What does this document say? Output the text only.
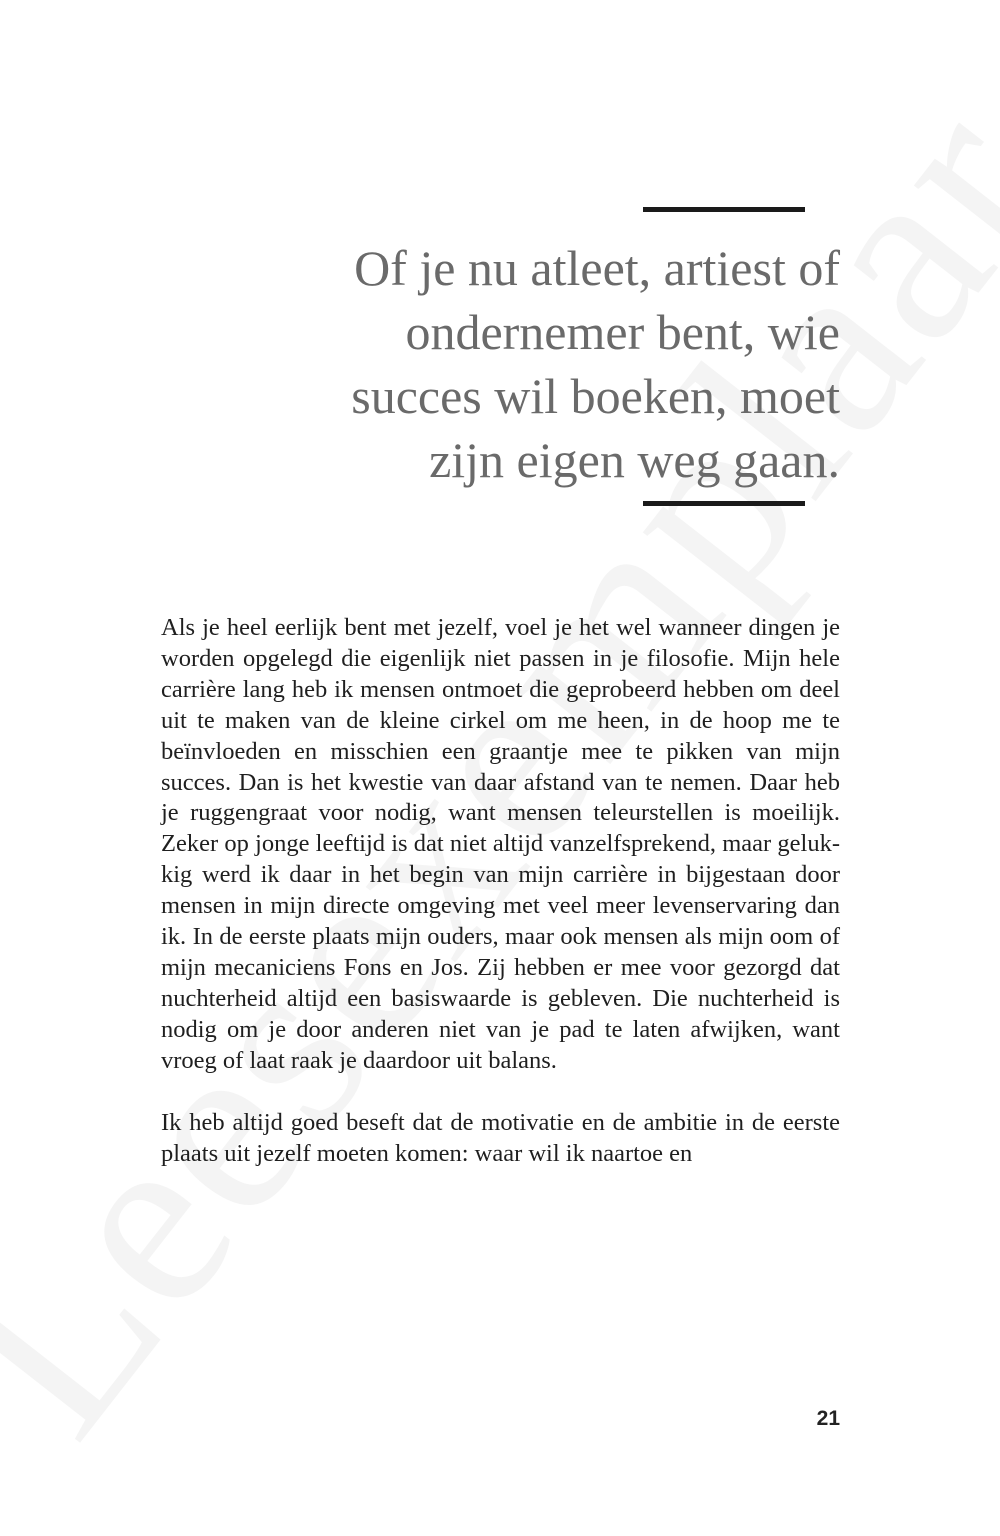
Of je nu atleet, artiest of ondernemer bent, wie succes wil boeken, moet zijn eigen weg gaan.

Als je heel eerlijk bent met jezelf, voel je het wel wanneer dingen je worden opgelegd die eigenlijk niet passen in je filosofie. Mijn hele carrière lang heb ik mensen ontmoet die geprobeerd hebben om deel uit te maken van de kleine cirkel om me heen, in de hoop me te beïnvloeden en misschien een graantje mee te pikken van mijn succes. Dan is het kwestie van daar afstand van te nemen. Daar heb je ruggengraat voor nodig, want mensen teleurstellen is moeilijk. Zeker op jonge leeftijd is dat niet altijd vanzelfsprekend, maar gelukkig werd ik daar in het begin van mijn carrière in bijgestaan door mensen in mijn directe omgeving met veel meer levenservaring dan ik. In de eerste plaats mijn ouders, maar ook mensen als mijn oom of mijn mecaniciens Fons en Jos. Zij hebben er mee voor gezorgd dat nuchterheid altijd een basiswaarde is gebleven. Die nuchterheid is nodig om je door anderen niet van je pad te laten afwijken, want vroeg of laat raak je daardoor uit balans.

Ik heb altijd goed beseft dat de motivatie en de ambitie in de eerste plaats uit jezelf moeten komen: waar wil ik naartoe en

21
